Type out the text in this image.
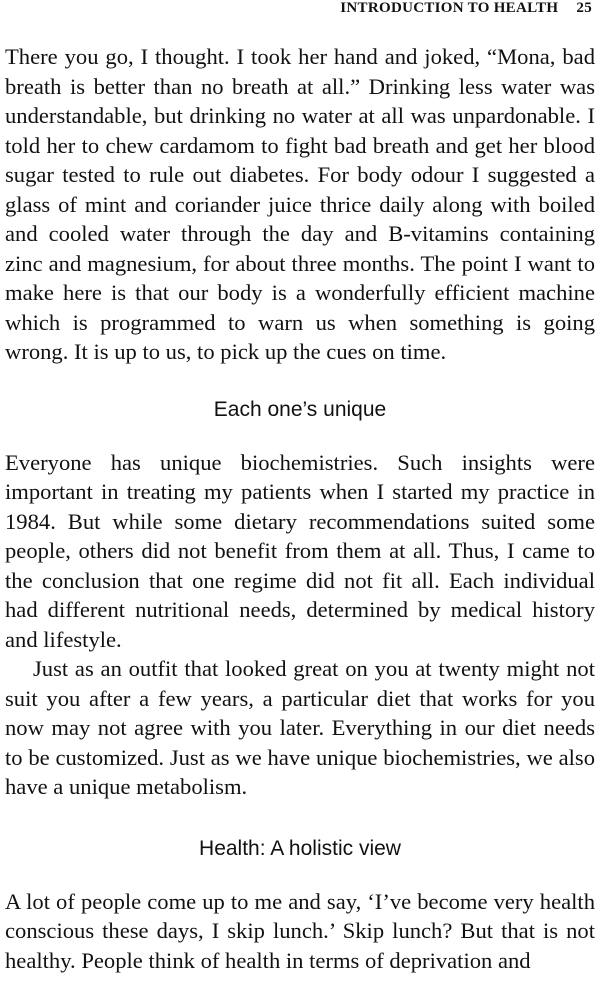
INTRODUCTION TO HEALTH 25

There you go, I thought. I took her hand and joked, “Mona, bad breath is better than no breath at all.” Drinking less water was understandable, but drinking no water at all was unpardonable. I told her to chew cardamom to fight bad breath and get her blood sugar tested to rule out diabetes. For body odour I suggested a glass of mint and coriander juice thrice daily along with boiled and cooled water through the day and B-vitamins containing zinc and magnesium, for about three months. The point I want to make here is that our body is a wonderfully efficient machine which is programmed to warn us when something is going wrong. It is up to us, to pick up the cues on time.

Each one’s unique

Everyone has unique biochemistries. Such insights were important in treating my patients when I started my practice in 1984. But while some dietary recommendations suited some people, others did not benefit from them at all. Thus, I came to the conclusion that one regime did not fit all. Each individual had different nutritional needs, determined by medical history and lifestyle.

Just as an outfit that looked great on you at twenty might not suit you after a few years, a particular diet that works for you now may not agree with you later. Everything in our diet needs to be customized. Just as we have unique biochemistries, we also have a unique metabolism.

Health: A holistic view

A lot of people come up to me and say, ‘I’ve become very health conscious these days, I skip lunch.’ Skip lunch? But that is not healthy. People think of health in terms of deprivation and
